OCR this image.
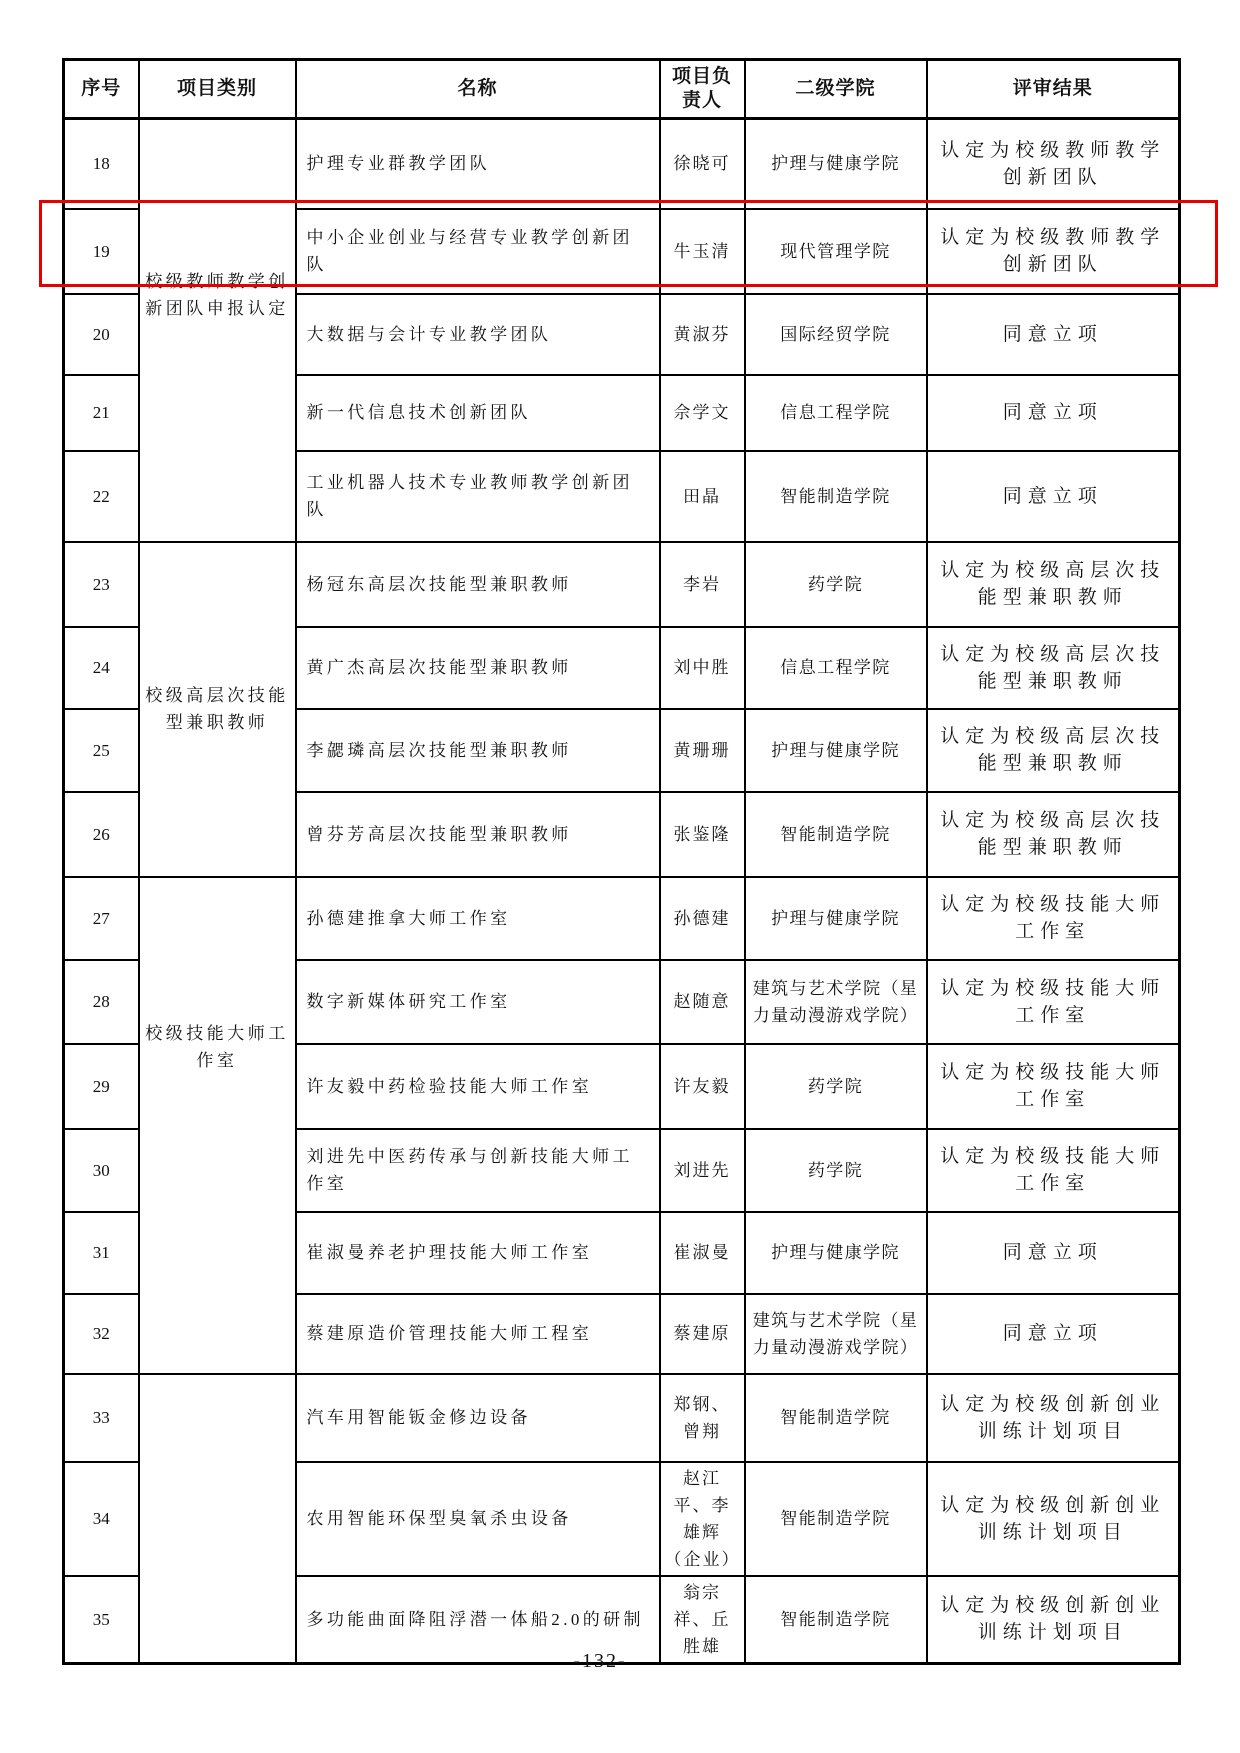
序号	项目类别	名称	项目负责人	二级学院	评审结果
18	校级教师教学创新团队申报认定	护理专业群教学团队	徐晓可	护理与健康学院	认定为校级教师教学创新团队
19		中小企业创业与经营专业教学创新团队	牛玉清	现代管理学院	认定为校级教师教学创新团队
20		大数据与会计专业教学团队	黄淑芬	国际经贸学院	同意立项
21		新一代信息技术创新团队	佘学文	信息工程学院	同意立项
22		工业机器人技术专业教师教学创新团队	田晶	智能制造学院	同意立项
23	校级高层次技能型兼职教师	杨冠东高层次技能型兼职教师	李岩	药学院	认定为校级高层次技能型兼职教师
24		黄广杰高层次技能型兼职教师	刘中胜	信息工程学院	认定为校级高层次技能型兼职教师
25		李勰璘高层次技能型兼职教师	黄珊珊	护理与健康学院	认定为校级高层次技能型兼职教师
26		曾芬芳高层次技能型兼职教师	张鉴隆	智能制造学院	认定为校级高层次技能型兼职教师
27	校级技能大师工作室	孙德建推拿大师工作室	孙德建	护理与健康学院	认定为校级技能大师工作室
28		数字新媒体研究工作室	赵随意	建筑与艺术学院（星力量动漫游戏学院）	认定为校级技能大师工作室
29		许友毅中药检验技能大师工作室	许友毅	药学院	认定为校级技能大师工作室
30		刘进先中医药传承与创新技能大师工作室	刘进先	药学院	认定为校级技能大师工作室
31		崔淑曼养老护理技能大师工作室	崔淑曼	护理与健康学院	同意立项
32		蔡建原造价管理技能大师工程室	蔡建原	建筑与艺术学院（星力量动漫游戏学院）	同意立项
33		汽车用智能钣金修边设备	郑钢、曾翔	智能制造学院	认定为校级创新创业训练计划项目
34		农用智能环保型臭氧杀虫设备	赵江平、李雄辉（企业）	智能制造学院	认定为校级创新创业训练计划项目
35		多功能曲面降阻浮潜一体船2.0的研制	翁宗祥、丘胜雄	智能制造学院	认定为校级创新创业训练计划项目
-132-
